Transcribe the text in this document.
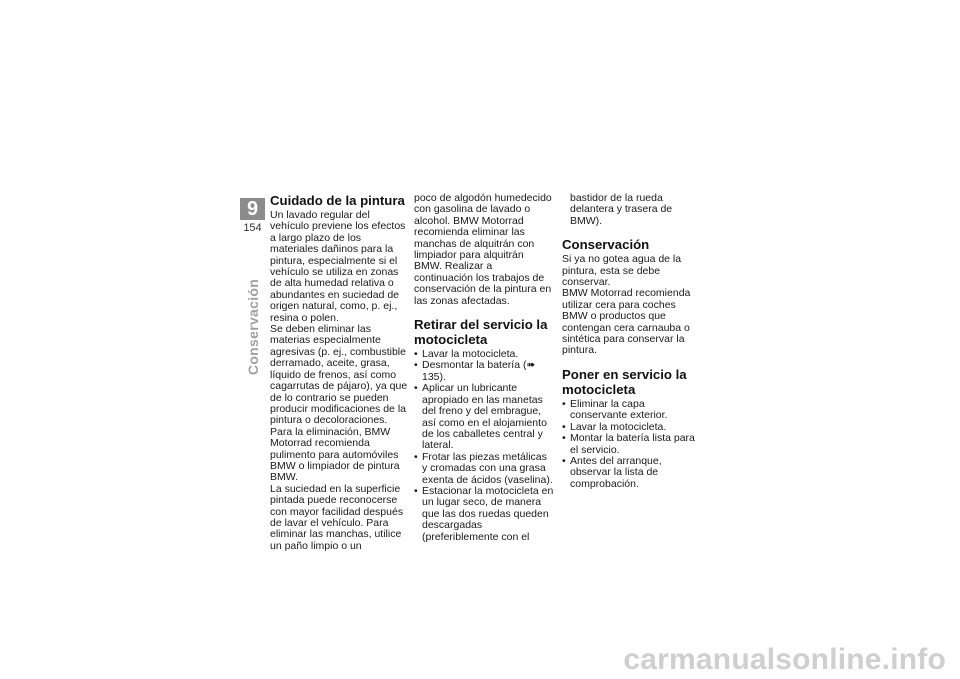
9
154
Conservación
Cuidado de la pintura

Un lavado regular del vehículo previene los efectos a largo plazo de los materiales dañinos para la pintura, especialmente si el vehículo se utiliza en zonas de alta humedad relativa o abundantes en suciedad de origen natural, como, p. ej., resina o polen.

Se deben eliminar las materias especialmente agresivas (p. ej., combustible derramado, aceite, grasa, líquido de frenos, así como cagarrutas de pájaro), ya que de lo contrario se pueden producir modificaciones de la pintura o decoloraciones. Para la eliminación, BMW Motorrad recomienda pulimento para automóviles BMW o limpiador de pintura BMW.

La suciedad en la superficie pintada puede reconocerse con mayor facilidad después de lavar el vehículo. Para eliminar las manchas, utilice un paño limpio o un

poco de algodón humedecido con gasolina de lavado o alcohol. BMW Motorrad recomienda eliminar las manchas de alquitrán con limpiador para alquitrán BMW. Realizar a continuación los trabajos de conservación de la pintura en las zonas afectadas.

Retirar del servicio la motocicleta
• Lavar la motocicleta.
• Desmontar la batería (➠ 135).
• Aplicar un lubricante apropiado en las manetas del freno y del embrague, así como en el alojamiento de los caballetes central y lateral.
• Frotar las piezas metálicas y cromadas con una grasa exenta de ácidos (vaselina).
• Estacionar la motocicleta en un lugar seco, de manera que las dos ruedas queden descargadas (preferiblemente con el

bastidor de la rueda delantera y trasera de BMW).

Conservación

Si ya no gotea agua de la pintura, esta se debe conservar.

BMW Motorrad recomienda utilizar cera para coches BMW o productos que contengan cera carnauba o sintética para conservar la pintura.

Poner en servicio la motocicleta
• Eliminar la capa conservante exterior.
• Lavar la motocicleta.
• Montar la batería lista para el servicio.
• Antes del arranque, observar la lista de comprobación.
carmanualsonline.info
